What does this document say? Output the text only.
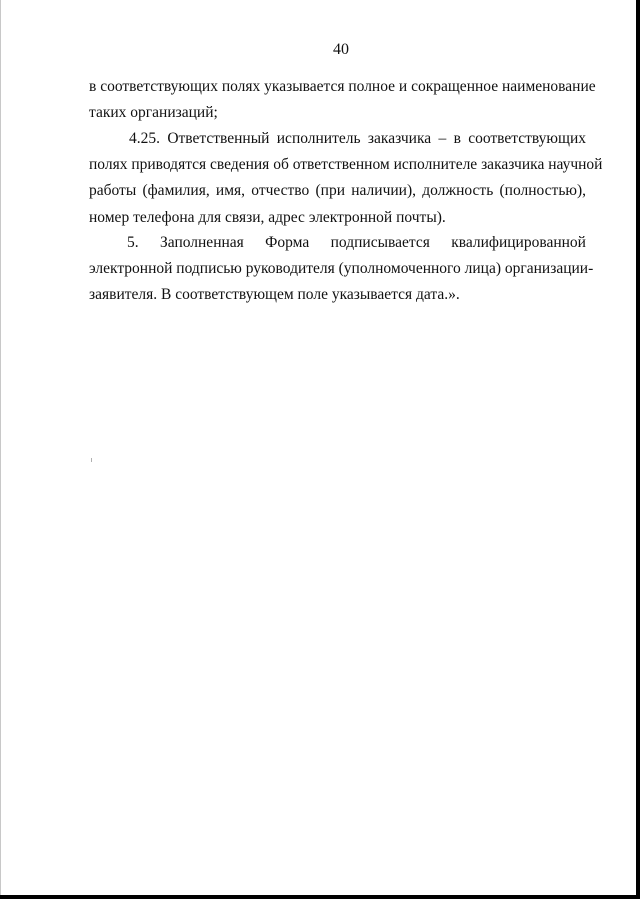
40
в соответствующих полях указывается полное и сокращенное наименование
таких организаций;
4.25. Ответственный исполнитель заказчика – в соответствующих
полях приводятся сведения об ответственном исполнителе заказчика научной
работы (фамилия, имя, отчество (при наличии), должность (полностью),
номер телефона для связи, адрес электронной почты).
5. Заполненная Форма подписывается квалифицированной
электронной подписью руководителя (уполномоченного лица) организации-
заявителя. В соответствующем поле указывается дата.».
